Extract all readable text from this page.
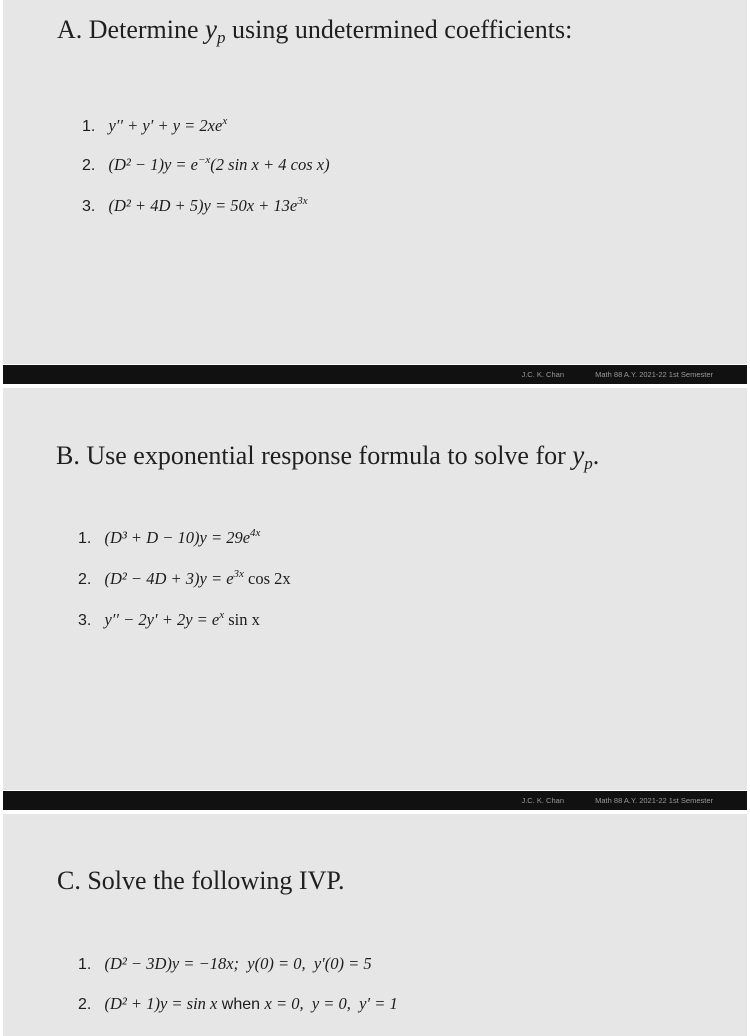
A. Determine $y_p$ using undetermined coefficients:
1. $y'' + y' + y = 2xe^x$
2. $(D^2 - 1)y = e^{-x}(2$ sin x + 4 cos x)
3. $(D^2 + 4D + 5)y = 50x + 13e^{3x}$
J.C. K. Chan	Math 88 A.Y. 2021-22 1st Semester
B. Use exponential response formula to solve for $y_p$.
1. $(D^3 + D - 10)y = 29e^{4x}$
2. $(D^2 - 4D + 3)y = e^{3x}$ cos 2x
3. $y'' - 2y' + 2y = e^x$ sin x
J.C. K. Chan	Math 88 A.Y. 2021-22 1st Semester
C. Solve the following IVP.
1. (D² − 3D)y = −18x;  y(0) = 0,  y′(0) = 5
2. (D² + 1)y = sin x when x = 0,  y = 0,  y′ = 1
